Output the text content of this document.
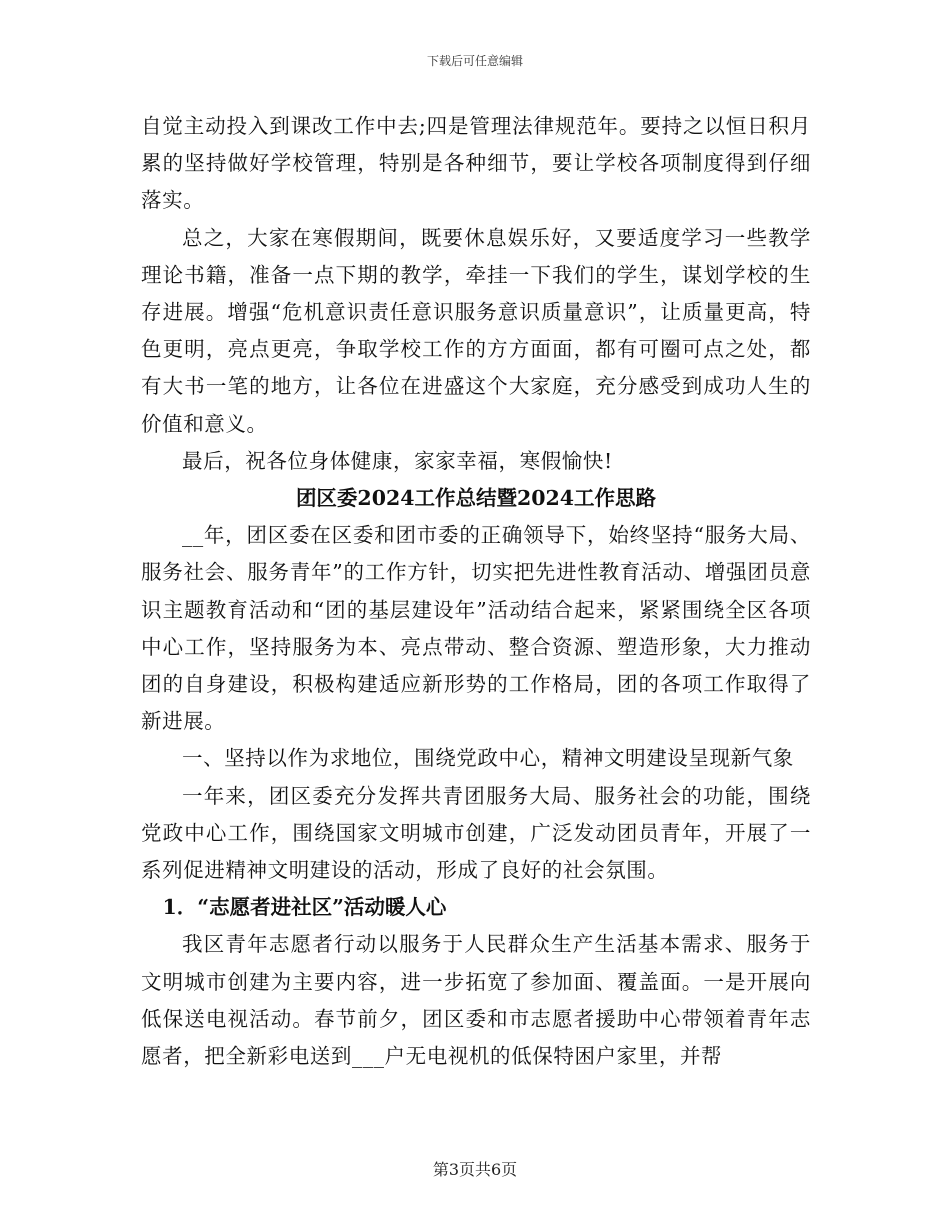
下载后可任意编辑

自觉主动投入到课改工作中去;四是管理法律规范年。要持之以恒日积月累的坚持做好学校管理，特别是各种细节，要让学校各项制度得到仔细落实。

总之，大家在寒假期间，既要休息娱乐好，又要适度学习一些教学理论书籍，准备一点下期的教学，牵挂一下我们的学生，谋划学校的生存进展。增强“危机意识责任意识服务意识质量意识”，让质量更高，特色更明，亮点更亮，争取学校工作的方方面面，都有可圈可点之处，都有大书一笔的地方，让各位在进盛这个大家庭，充分感受到成功人生的价值和意义。

最后，祝各位身体健康，家家幸福，寒假愉快!

团区委2024工作总结暨2024工作思路

__年，团区委在区委和团市委的正确领导下，始终坚持“服务大局、服务社会、服务青年”的工作方针，切实把先进性教育活动、增强团员意识主题教育活动和“团的基层建设年”活动结合起来，紧紧围绕全区各项中心工作，坚持服务为本、亮点带动、整合资源、塑造形象，大力推动团的自身建设，积极构建适应新形势的工作格局，团的各项工作取得了新进展。

一、坚持以作为求地位，围绕党政中心，精神文明建设呈现新气象

一年来，团区委充分发挥共青团服务大局、服务社会的功能，围绕党政中心工作，围绕国家文明城市创建，广泛发动团员青年，开展了一系列促进精神文明建设的活动，形成了良好的社会氛围。

1．“志愿者进社区”活动暖人心

我区青年志愿者行动以服务于人民群众生产生活基本需求、服务于文明城市创建为主要内容，进一步拓宽了参加面、覆盖面。一是开展向低保送电视活动。春节前夕，团区委和市志愿者援助中心带领着青年志愿者，把全新彩电送到___户无电视机的低保特困户家里，并帮

第3页共6页
